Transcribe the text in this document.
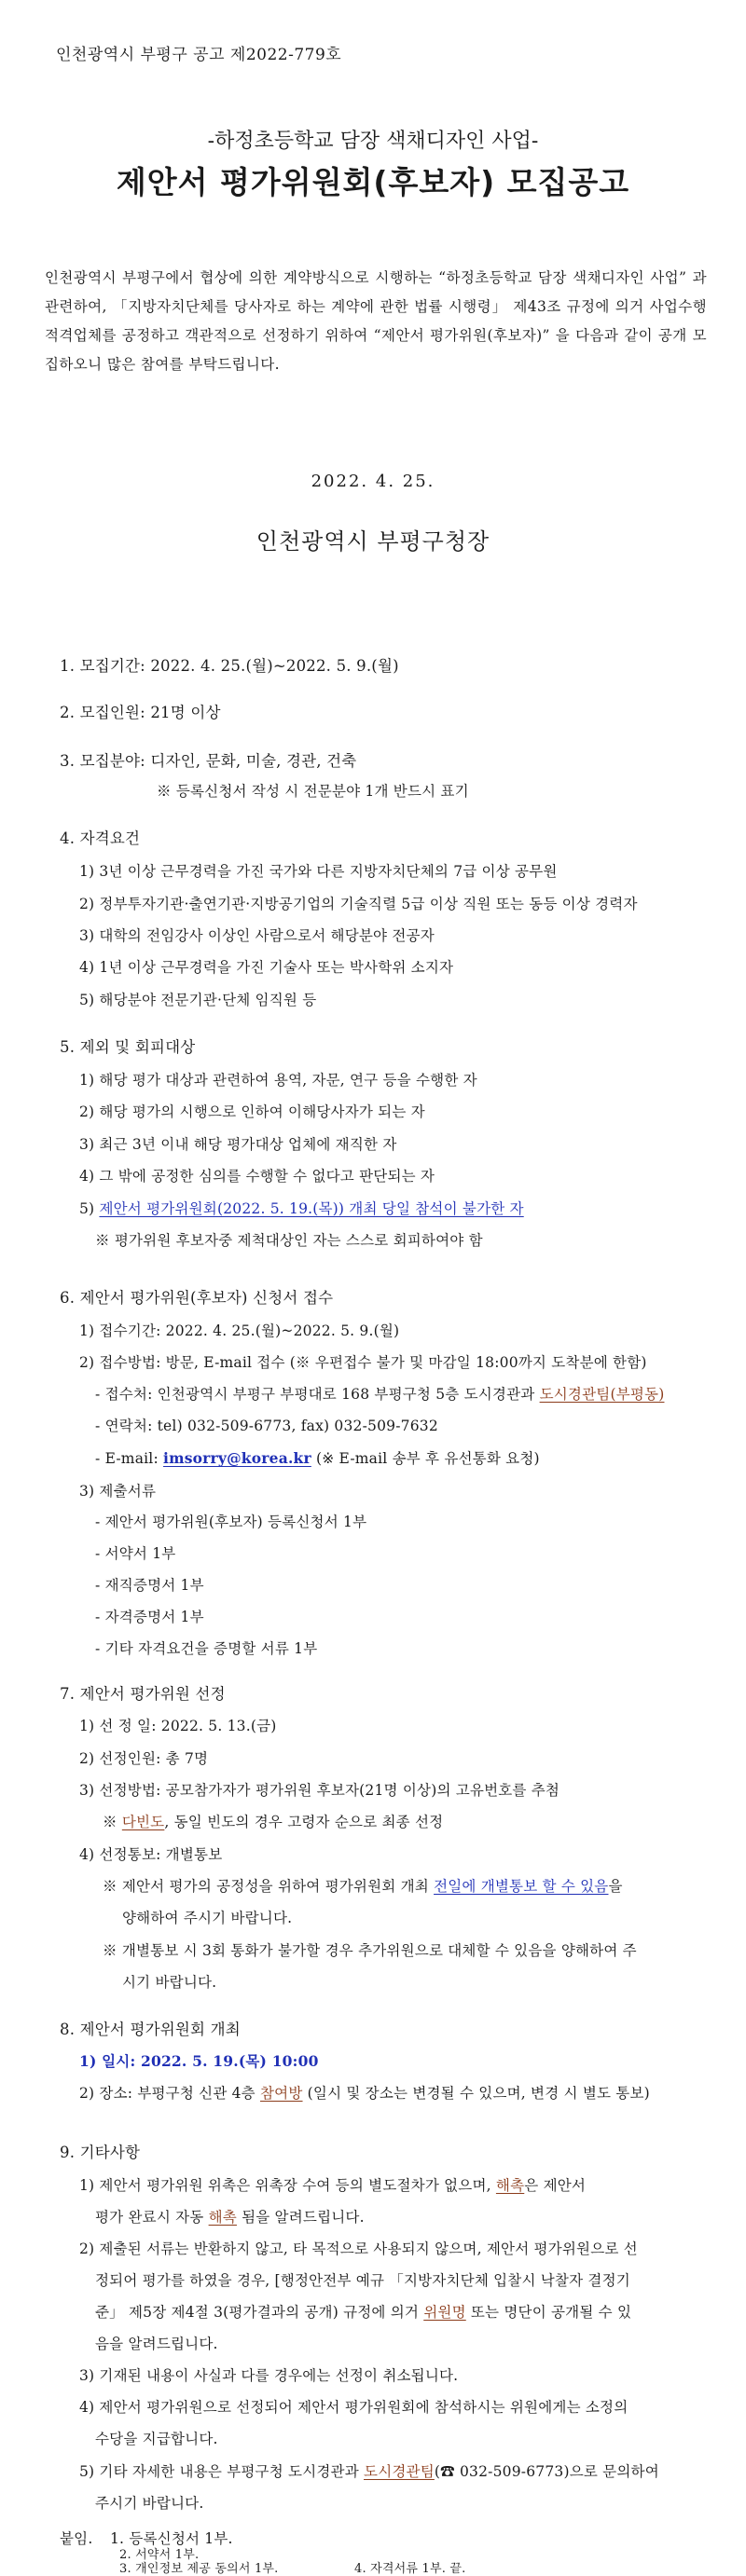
인천광역시 부평구 공고 제2022-779호
-하정초등학교 담장 색채디자인 사업-
제안서 평가위원회(후보자) 모집공고
인천광역시 부평구에서 협상에 의한 계약방식으로 시행하는 “하정초등학교 담장 색채디자인 사업” 과 관련하여, 「지방자치단체를 당사자로 하는 계약에 관한 법률 시행령」 제43조 규정에 의거 사업수행 적격업체를 공정하고 객관적으로 선정하기 위하여 “제안서 평가위원(후보자)” 을 다음과 같이 공개 모집하오니 많은 참여를 부탁드립니다.
2022. 4. 25.
인천광역시 부평구청장
1. 모집기간: 2022. 4. 25.(월)~2022. 5. 9.(월)
2. 모집인원: 21명 이상
3. 모집분야: 디자인, 문화, 미술, 경관, 건축
※ 등록신청서 작성 시 전문분야 1개 반드시 표기
4. 자격요건
1) 3년 이상 근무경력을 가진 국가와 다른 지방자치단체의 7급 이상 공무원
2) 정부투자기관·출연기관·지방공기업의 기술직렬 5급 이상 직원 또는 동등 이상 경력자
3) 대학의 전임강사 이상인 사람으로서 해당분야 전공자
4) 1년 이상 근무경력을 가진 기술사 또는 박사학위 소지자
5) 해당분야 전문기관·단체 임직원 등
5. 제외 및 회피대상
1) 해당 평가 대상과 관련하여 용역, 자문, 연구 등을 수행한 자
2) 해당 평가의 시행으로 인하여 이해당사자가 되는 자
3) 최근 3년 이내 해당 평가대상 업체에 재직한 자
4) 그 밖에 공정한 심의를 수행할 수 없다고 판단되는 자
5) 제안서 평가위원회(2022. 5. 19.(목)) 개최 당일 참석이 불가한 자
※ 평가위원 후보자중 제척대상인 자는 스스로 회피하여야 함
6. 제안서 평가위원(후보자) 신청서 접수
1) 접수기간: 2022. 4. 25.(월)~2022. 5. 9.(월)
2) 접수방법: 방문, E-mail 접수 (※ 우편접수 불가 및 마감일 18:00까지 도착분에 한함)
- 접수처: 인천광역시 부평구 부평대로 168 부평구청 5층 도시경관과 도시경관팀(부평동)
- 연락처: tel) 032-509-6773, fax) 032-509-7632
- E-mail: imsorry@korea.kr (※ E-mail 송부 후 유선통화 요청)
3) 제출서류
- 제안서 평가위원(후보자) 등록신청서 1부
- 서약서 1부
- 재직증명서 1부
- 자격증명서 1부
- 기타 자격요건을 증명할 서류 1부
7. 제안서 평가위원 선정
1) 선 정 일: 2022. 5. 13.(금)
2) 선정인원: 총 7명
3) 선정방법: 공모참가자가 평가위원 후보자(21명 이상)의 고유번호를 추첨
※ 다빈도, 동일 빈도의 경우 고령자 순으로 최종 선정
4) 선정통보: 개별통보
※ 제안서 평가의 공정성을 위하여 평가위원회 개최 전일에 개별통보 할 수 있음을
양해하여 주시기 바랍니다.
※ 개별통보 시 3회 통화가 불가할 경우 추가위원으로 대체할 수 있음을 양해하여 주
시기 바랍니다.
8. 제안서 평가위원회 개최
1) 일시: 2022. 5. 19.(목) 10:00
2) 장소: 부평구청 신관 4층 참여방 (일시 및 장소는 변경될 수 있으며, 변경 시 별도 통보)
9. 기타사항
1) 제안서 평가위원 위촉은 위촉장 수여 등의 별도절차가 없으며, 해촉은 제안서
평가 완료시 자동 해촉 됨을 알려드립니다.
2) 제출된 서류는 반환하지 않고, 타 목적으로 사용되지 않으며, 제안서 평가위원으로 선
정되어 평가를 하였을 경우, [행정안전부 예규 「지방자치단체 입찰시 낙찰자 결정기
준」 제5장 제4절 3(평가결과의 공개) 규정에 의거 위원명 또는 명단이 공개될 수 있
음을 알려드립니다.
3) 기재된 내용이 사실과 다를 경우에는 선정이 취소됩니다.
4) 제안서 평가위원으로 선정되어 제안서 평가위원회에 참석하시는 위원에게는 소정의
수당을 지급합니다.
5) 기타 자세한 내용은 부평구청 도시경관과 도시경관팀(☎ 032-509-6773)으로 문의하여
주시기 바랍니다.
붙임. 1. 등록신청서 1부.
2. 서약서 1부.
3. 개인정보 제공 동의서 1부.	4. 자격서류 1부. 끝.
